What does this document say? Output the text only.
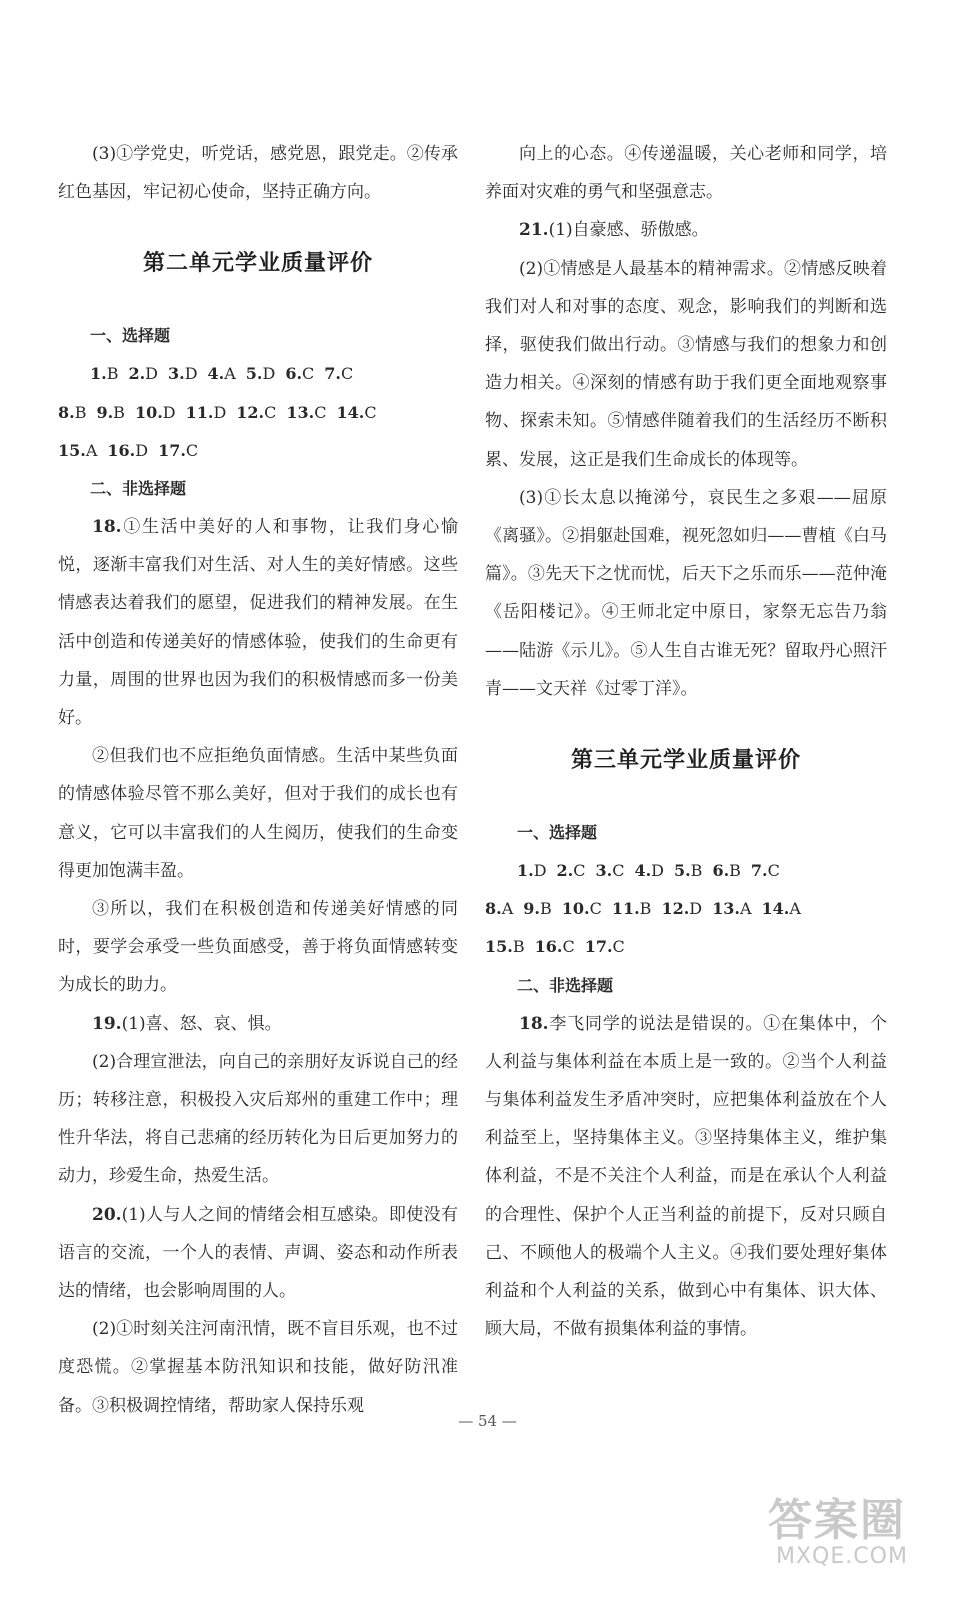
(3)①学党史，听党话，感党恩，跟党走。②传承红色基因，牢记初心使命，坚持正确方向。

第二单元学业质量评价
一、选择题
1.B 2.D 3.D 4.A 5.D 6.C 7.C
8.B 9.B 10.D 11.D 12.C 13.C 14.C
15.A 16.D 17.C
二、非选择题

18.①生活中美好的人和事物，让我们身心愉悦，逐渐丰富我们对生活、对人生的美好情感。这些情感表达着我们的愿望，促进我们的精神发展。在生活中创造和传递美好的情感体验，使我们的生命更有力量，周围的世界也因为我们的积极情感而多一份美好。

②但我们也不应拒绝负面情感。生活中某些负面的情感体验尽管不那么美好，但对于我们的成长也有意义，它可以丰富我们的人生阅历，使我们的生命变得更加饱满丰盈。

③所以，我们在积极创造和传递美好情感的同时，要学会承受一些负面感受，善于将负面情感转变为成长的助力。

19.(1)喜、怒、哀、惧。

(2)合理宣泄法，向自己的亲朋好友诉说自己的经历；转移注意，积极投入灾后郑州的重建工作中；理性升华法，将自己悲痛的经历转化为日后更加努力的动力，珍爱生命，热爱生活。

20.(1)人与人之间的情绪会相互感染。即使没有语言的交流，一个人的表情、声调、姿态和动作所表达的情绪，也会影响周围的人。

(2)①时刻关注河南汛情，既不盲目乐观，也不过度恐慌。②掌握基本防汛知识和技能，做好防汛准备。③积极调控情绪，帮助家人保持乐观

向上的心态。④传递温暖，关心老师和同学，培养面对灾难的勇气和坚强意志。

21.(1)自豪感、骄傲感。

(2)①情感是人最基本的精神需求。②情感反映着我们对人和对事的态度、观念，影响我们的判断和选择，驱使我们做出行动。③情感与我们的想象力和创造力相关。④深刻的情感有助于我们更全面地观察事物、探索未知。⑤情感伴随着我们的生活经历不断积累、发展，这正是我们生命成长的体现等。

(3)①长太息以掩涕兮，哀民生之多艰——屈原《离骚》。②捐躯赴国难，视死忽如归——曹植《白马篇》。③先天下之忧而忧，后天下之乐而乐——范仲淹《岳阳楼记》。④王师北定中原日，家祭无忘告乃翁——陆游《示儿》。⑤人生自古谁无死？留取丹心照汗青——文天祥《过零丁洋》。

第三单元学业质量评价
一、选择题
1.D 2.C 3.C 4.D 5.B 6.B 7.C
8.A 9.B 10.C 11.B 12.D 13.A 14.A
15.B 16.C 17.C
二、非选择题

18.李飞同学的说法是错误的。①在集体中，个人利益与集体利益在本质上是一致的。②当个人利益与集体利益发生矛盾冲突时，应把集体利益放在个人利益至上，坚持集体主义。③坚持集体主义，维护集体利益，不是不关注个人利益，而是在承认个人利益的合理性、保护个人正当利益的前提下，反对只顾自己、不顾他人的极端个人主义。④我们要处理好集体利益和个人利益的关系，做到心中有集体、识大体、顾大局，不做有损集体利益的事情。

— 54 —
答案圈
MXQE.COM
